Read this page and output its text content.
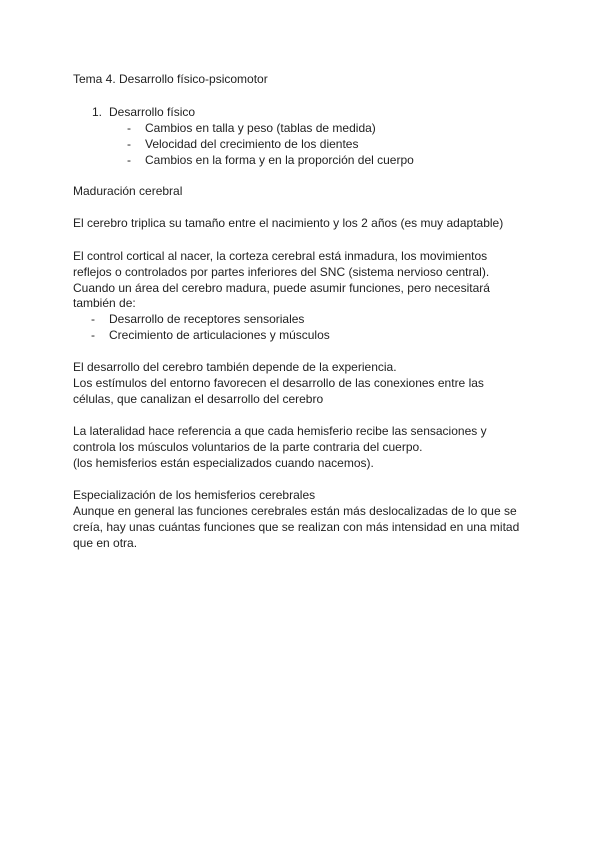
Tema 4. Desarrollo físico-psicomotor
1. Desarrollo físico
- Cambios en talla y peso (tablas de medida)
- Velocidad del crecimiento de los dientes
- Cambios en la forma y en la proporción del cuerpo
Maduración cerebral
El cerebro triplica su tamaño entre el nacimiento y los 2 años (es muy adaptable)
El control cortical al nacer, la corteza cerebral está inmadura, los movimientos
reflejos o controlados por partes inferiores del SNC (sistema nervioso central).
Cuando un área del cerebro madura, puede asumir funciones, pero necesitará
también de:
- Desarrollo de receptores sensoriales
- Crecimiento de articulaciones y músculos
El desarrollo del cerebro también depende de la experiencia.
Los estímulos del entorno favorecen el desarrollo de las conexiones entre las
células, que canalizan el desarrollo del cerebro
La lateralidad hace referencia a que cada hemisferio recibe las sensaciones y
controla los músculos voluntarios de la parte contraria del cuerpo.
(los hemisferios están especializados cuando nacemos).
Especialización de los hemisferios cerebrales
Aunque en general las funciones cerebrales están más deslocalizadas de lo que se
creía, hay unas cuántas funciones que se realizan con más intensidad en una mitad
que en otra.
